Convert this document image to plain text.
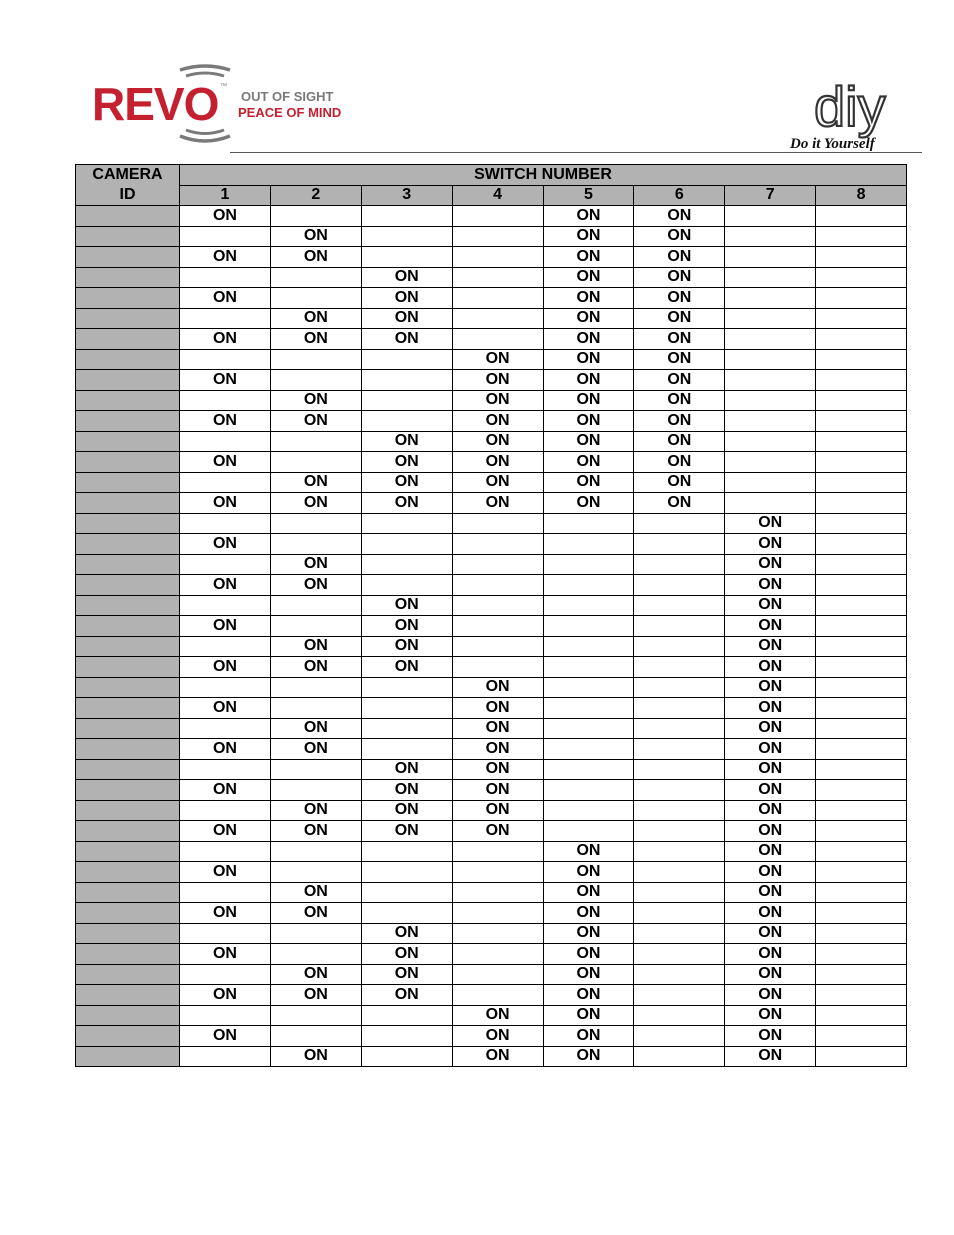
REVO ™
OUT OF SIGHT
PEACE OF MIND	diy
Do it Yourself
CAMERA
ID	SWITCH NUMBER							
	1	2	3	4	5	6	7	8
	ON				ON	ON		
		ON			ON	ON		
	ON	ON			ON	ON		
			ON		ON	ON		
	ON		ON		ON	ON		
		ON	ON		ON	ON		
	ON	ON	ON		ON	ON		
				ON	ON	ON		
	ON			ON	ON	ON		
		ON		ON	ON	ON		
	ON	ON		ON	ON	ON		
			ON	ON	ON	ON		
	ON		ON	ON	ON	ON		
		ON	ON	ON	ON	ON		
	ON	ON	ON	ON	ON	ON		
							ON	
	ON						ON	
		ON					ON	
	ON	ON					ON	
			ON				ON	
	ON		ON				ON	
		ON	ON				ON	
	ON	ON	ON				ON	
				ON			ON	
	ON			ON			ON	
		ON		ON			ON	
	ON	ON		ON			ON	
			ON	ON			ON	
	ON		ON	ON			ON	
		ON	ON	ON			ON	
	ON	ON	ON	ON			ON	
					ON		ON	
	ON				ON		ON	
		ON			ON		ON	
	ON	ON			ON		ON	
			ON		ON		ON	
	ON		ON		ON		ON	
		ON	ON		ON		ON	
	ON	ON	ON		ON		ON	
				ON	ON		ON	
	ON			ON	ON		ON	
		ON		ON	ON		ON	
